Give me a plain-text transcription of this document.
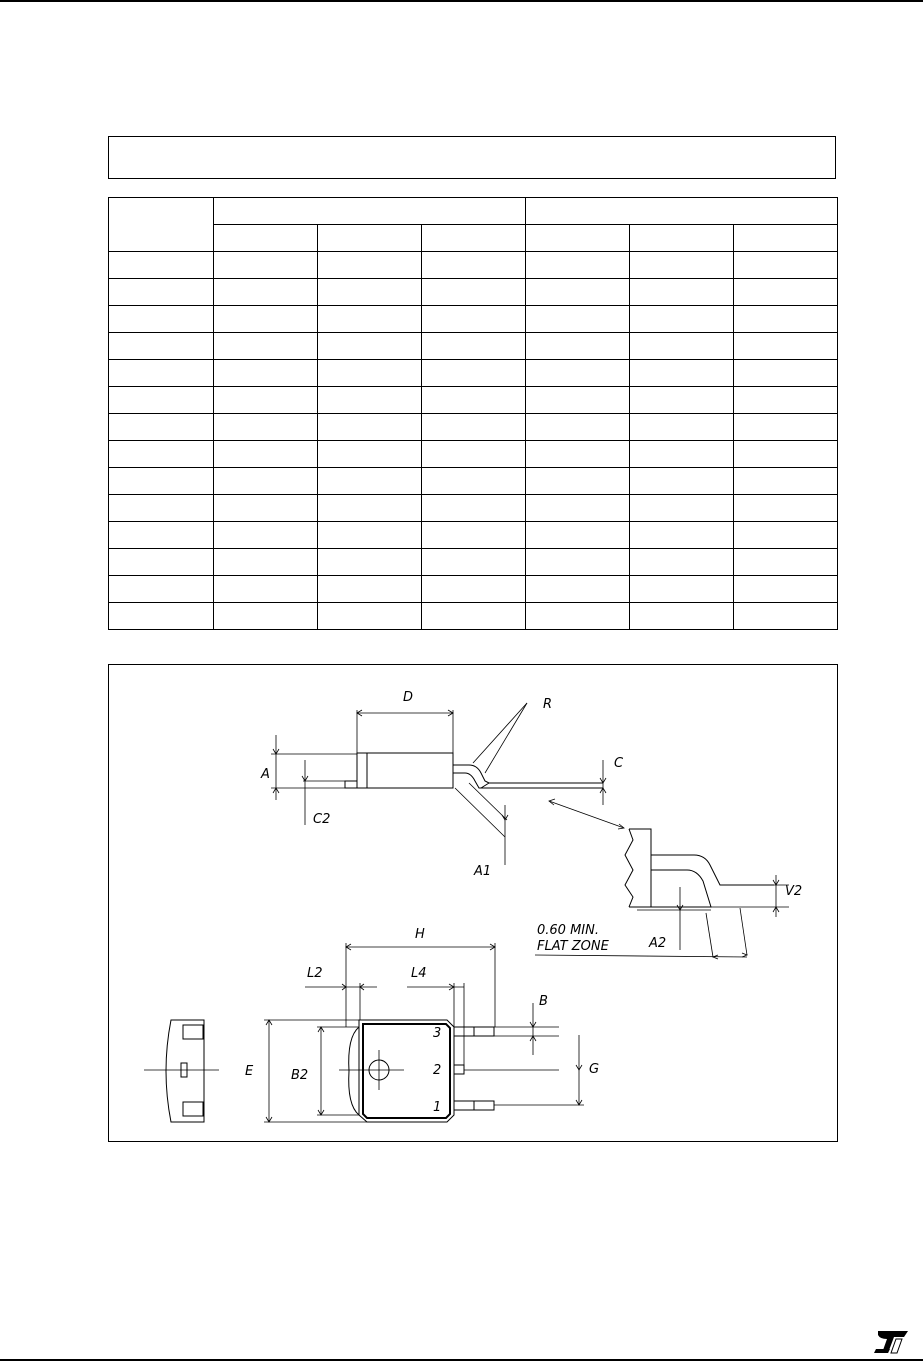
D	R
A
C
C2
A1
V2
0.60 MIN.
FLAT ZONE	A2
H
L2	L4
B
E	B2	G
3
2
1
